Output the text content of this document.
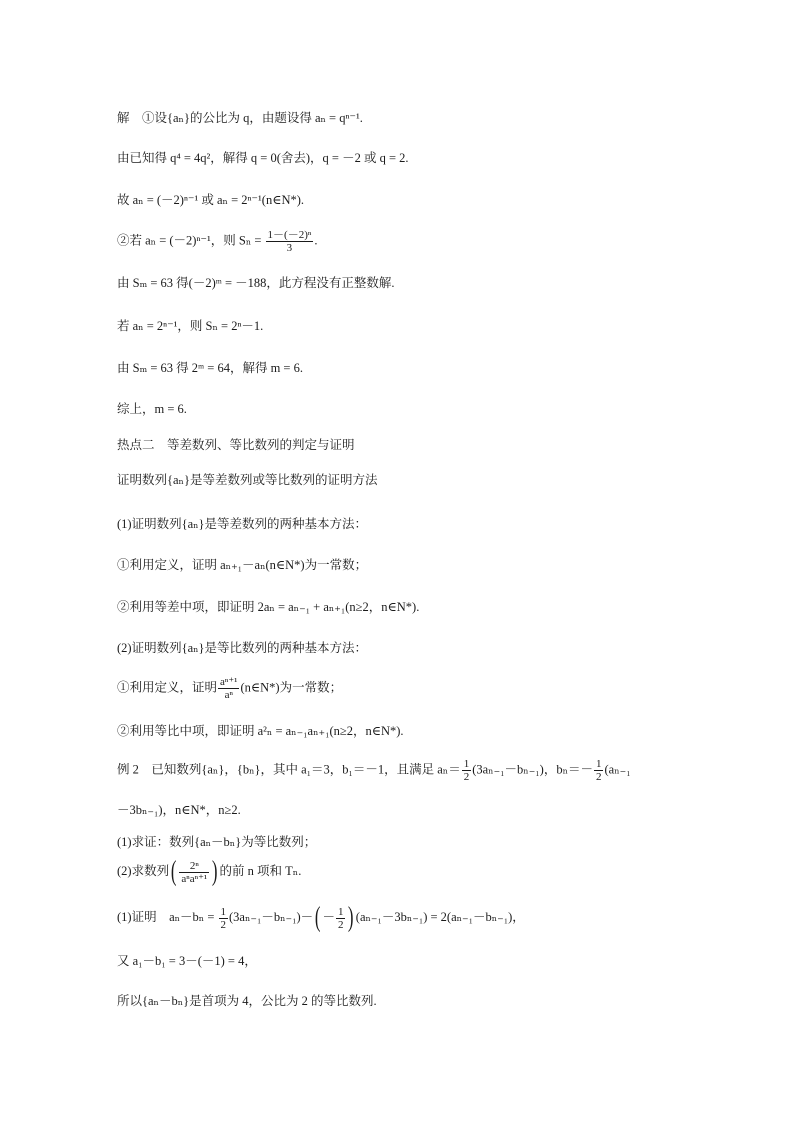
解　①设{aₙ}的公比为 q，由题设得 aₙ = qⁿ⁻¹.
由已知得 q⁴ = 4q²，解得 q = 0(舍去)，q = －2 或 q = 2.
故 aₙ = (－2)ⁿ⁻¹ 或 aₙ = 2ⁿ⁻¹(n∈N*).
②若 aₙ = (－2)ⁿ⁻¹，则 $S_n = \frac{\text{1－(－2)ⁿ}}{3}$ .
由 Sₘ = 63 得(－2)ᵐ = －188，此方程没有正整数解.
若 aₙ = 2ⁿ⁻¹，则 Sₙ = 2ⁿ－1.
由 Sₘ = 63 得 2ᵐ = 64，解得 m = 6.
综上，m = 6.
热点二　等差数列、等比数列的判定与证明
证明数列{aₙ}是等差数列或等比数列的证明方法
(1)证明数列{aₙ}是等差数列的两种基本方法：
①利用定义，证明 aₙ₊₁－aₙ(n∈N*)为一常数；
②利用等差中项，即证明 2aₙ = aₙ₋₁ + aₙ₊₁(n≥2，n∈N*).
(2)证明数列{aₙ}是等比数列的两种基本方法：
①利用定义，证明 $\frac{\text{aⁿ⁺¹}}{\text{aⁿ}}$ (n∈N*)为一常数；
②利用等比中项，即证明 a²ₙ = aₙ₋₁aₙ₊₁(n≥2，n∈N*).
例 2　已知数列{aₙ}，{bₙ}，其中 a₁＝3，b₁＝－1，且满足 $a_n= \frac{1}{2} (3a_{n-1}-b_{n-1})$，$b_n=- \frac{1}{2} (a_{n-1}$
－3bₙ₋₁)，n∈N*，n≥2.
(1)求证：数列{aₙ－bₙ}为等比数列；
(2)求数列( $\frac{\text{2ⁿ}}{\text{aⁿaⁿ⁺¹}}$ ) 的前 n 项和 Tₙ.
(1)证明　$a_n-b_n = \frac{1}{2} (3a_{n-1}-b_{n-1})-( - \frac{1}{2}$ ) (aₙ₋₁－3bₙ₋₁) = 2(aₙ₋₁－bₙ₋₁)，
又 a₁－b₁ = 3－(－1) = 4，
所以{aₙ－bₙ}是首项为 4，公比为 2 的等比数列.
